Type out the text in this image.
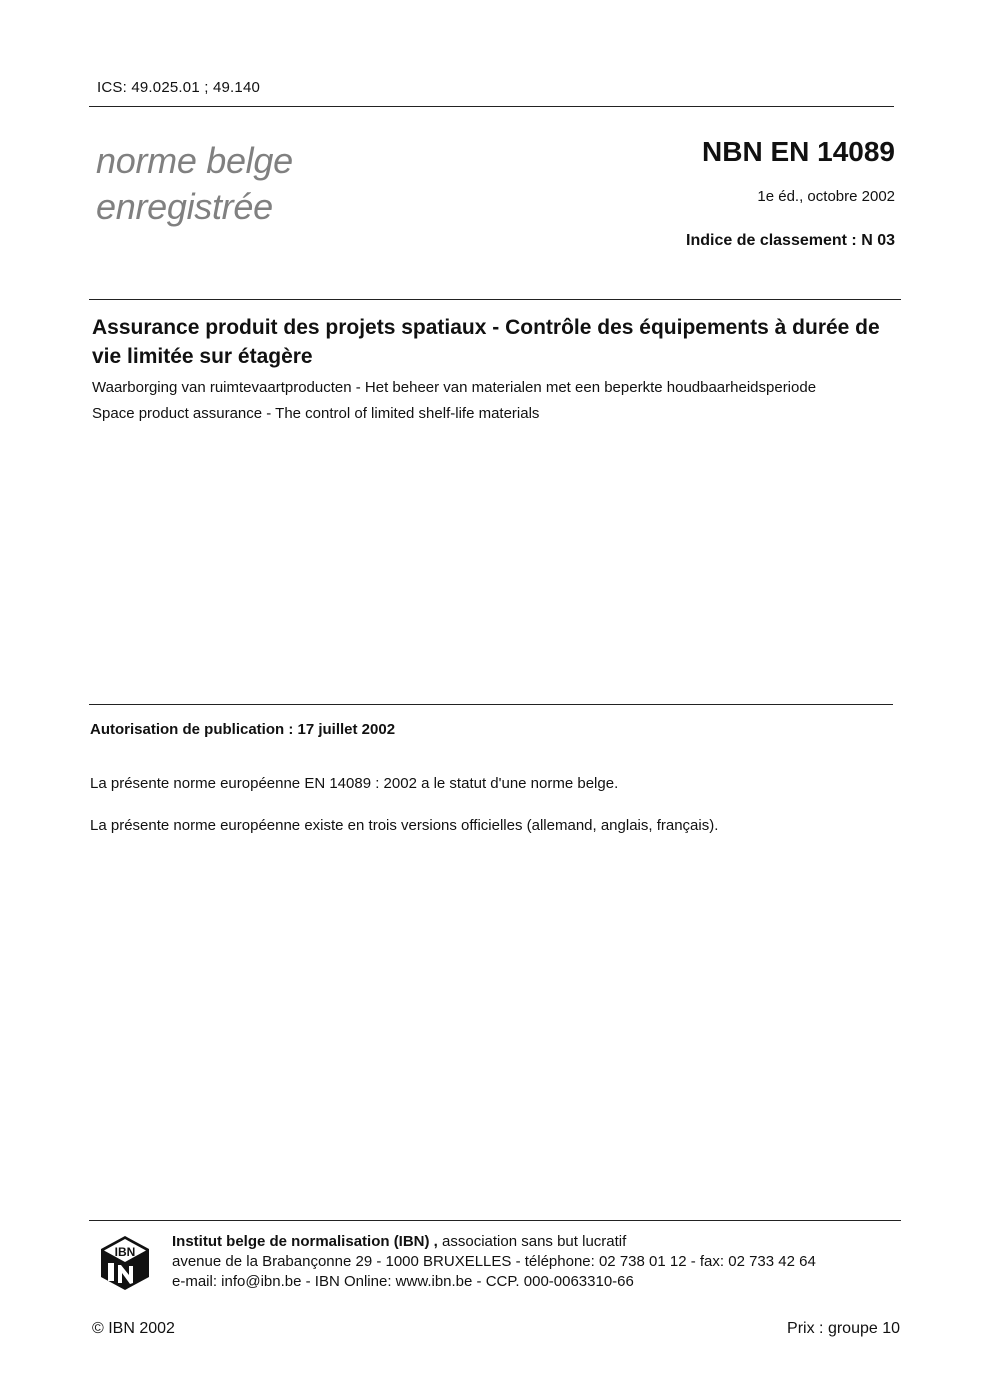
ICS: 49.025.01 ; 49.140
norme belge
enregistrée
NBN EN 14089
1e éd., octobre 2002
Indice de classement : N 03
Assurance produit des projets spatiaux - Contrôle des équipements à durée de vie limitée sur étagère
Waarborging van ruimtevaartproducten - Het beheer van materialen met een beperkte houdbaarheidsperiode
Space product assurance - The control of limited shelf-life materials
Autorisation de publication : 17 juillet 2002
La présente norme européenne EN 14089 : 2002 a le statut d'une norme belge.
La présente norme européenne existe en trois versions officielles (allemand, anglais, français).
IBN
Institut belge de normalisation (IBN) , association sans but lucratif
avenue de la Brabançonne 29 - 1000 BRUXELLES - téléphone: 02 738 01 12 - fax: 02 733 42 64
e-mail: info@ibn.be - IBN Online: www.ibn.be - CCP. 000-0063310-66
© IBN 2002	Prix : groupe 10
